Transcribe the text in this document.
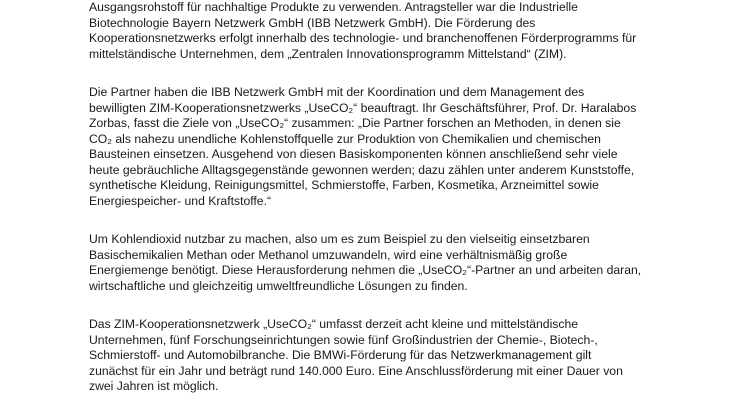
Ausgangsrohstoff für nachhaltige Produkte zu verwenden. Antragsteller war die Industrielle
Biotechnologie Bayern Netzwerk GmbH (IBB Netzwerk GmbH). Die Förderung des
Kooperationsnetzwerks erfolgt innerhalb des technologie- und branchenoffenen Förderprogramms für
mittelständische Unternehmen, dem „Zentralen Innovationsprogramm Mittelstand“ (ZIM).
Die Partner haben die IBB Netzwerk GmbH mit der Koordination und dem Management des
bewilligten ZIM-Kooperationsnetzwerks „UseCO₂“ beauftragt. Ihr Geschäftsführer, Prof. Dr. Haralabos
Zorbas, fasst die Ziele von „UseCO₂“ zusammen: „Die Partner forschen an Methoden, in denen sie
CO₂ als nahezu unendliche Kohlenstoffquelle zur Produktion von Chemikalien und chemischen
Bausteinen einsetzen. Ausgehend von diesen Basiskomponenten können anschließend sehr viele
heute gebräuchliche Alltagsgegenstände gewonnen werden; dazu zählen unter anderem Kunststoffe,
synthetische Kleidung, Reinigungsmittel, Schmierstoffe, Farben, Kosmetika, Arzneimittel sowie
Energiespeicher- und Kraftstoffe.“
Um Kohlendioxid nutzbar zu machen, also um es zum Beispiel zu den vielseitig einsetzbaren
Basischemikalien Methan oder Methanol umzuwandeln, wird eine verhältnismäßig große
Energiemenge benötigt. Diese Herausforderung nehmen die „UseCO₂“-Partner an und arbeiten daran,
wirtschaftliche und gleichzeitig umweltfreundliche Lösungen zu finden.
Das ZIM-Kooperationsnetzwerk „UseCO₂“ umfasst derzeit acht kleine und mittelständische
Unternehmen, fünf Forschungseinrichtungen sowie fünf Großindustrien der Chemie-, Biotech-,
Schmierstoff- und Automobilbranche. Die BMWi-Förderung für das Netzwerkmanagement gilt
zunächst für ein Jahr und beträgt rund 140.000 Euro. Eine Anschlussförderung mit einer Dauer von
zwei Jahren ist möglich.
